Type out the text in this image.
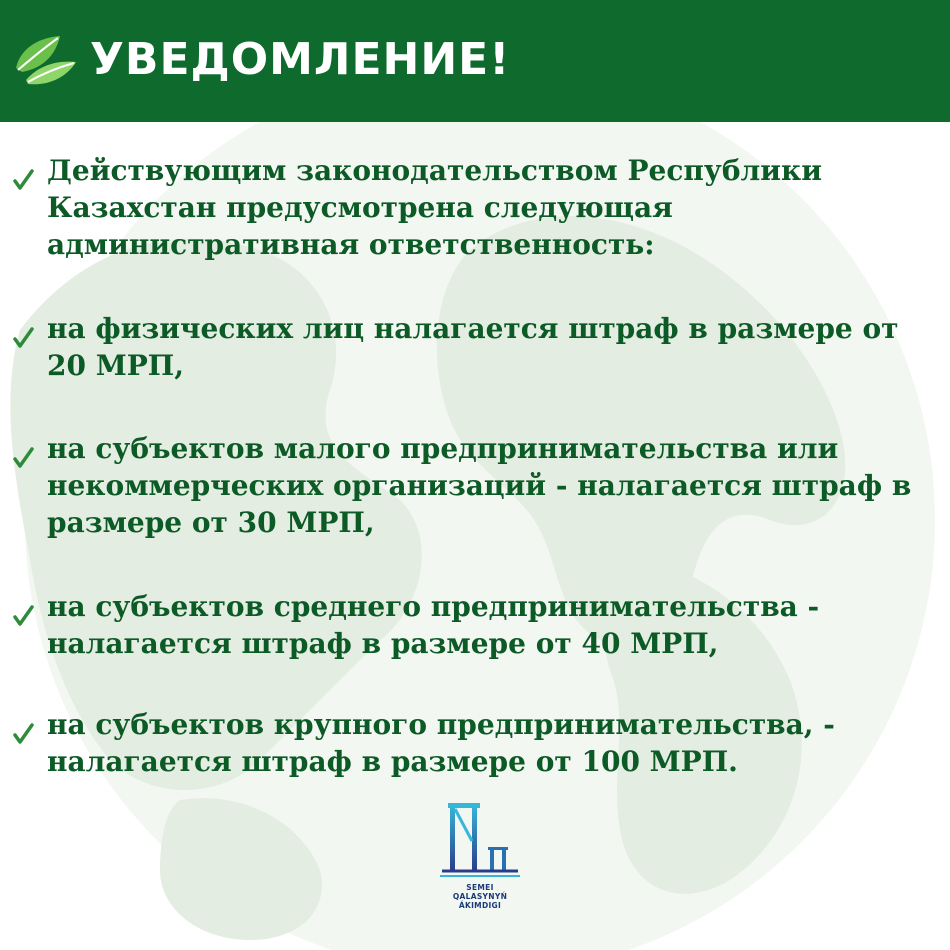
УВЕДОМЛЕНИЕ!
Действующим законодательством Республики
Казахстан предусмотрена следующая
административная ответственность:
на физических лиц налагается штраф в размере от
20 МРП,
на субъектов малого предпринимательства или
некоммерческих организаций - налагается штраф в
размере от 30 МРП,
на субъектов среднего предпринимательства -
налагается штраф в размере от 40 МРП,
на субъектов крупного предпринимательства, -
налагается штраф в размере от 100 МРП.
SEMEI
QALASYNYŃ
ÁKIMDIGI
